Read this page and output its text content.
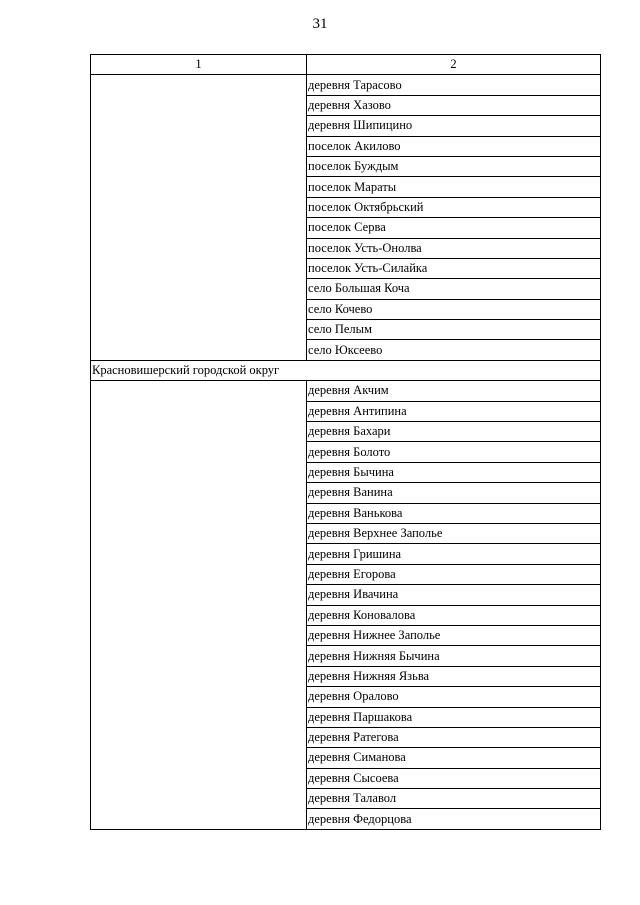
31
1	2
	деревня Тарасово
	деревня Хазово
	деревня Шипицино
	поселок Акилово
	поселок Буждым
	поселок Мараты
	поселок Октябрьский
	поселок Серва
	поселок Усть-Онолва
	поселок Усть-Силайка
	село Большая Коча
	село Кочево
	село Пелым
	село Юксеево
Красновишерский городской округ	
	деревня Акчим
	деревня Антипина
	деревня Бахари
	деревня Болото
	деревня Бычина
	деревня Ванина
	деревня Ванькова
	деревня Верхнее Заполье
	деревня Гришина
	деревня Егорова
	деревня Ивачина
	деревня Коновалова
	деревня Нижнее Заполье
	деревня Нижняя Бычина
	деревня Нижняя Язьва
	деревня Оралово
	деревня Паршакова
	деревня Ратегова
	деревня Симанова
	деревня Сысоева
	деревня Талавол
	деревня Федорцова
